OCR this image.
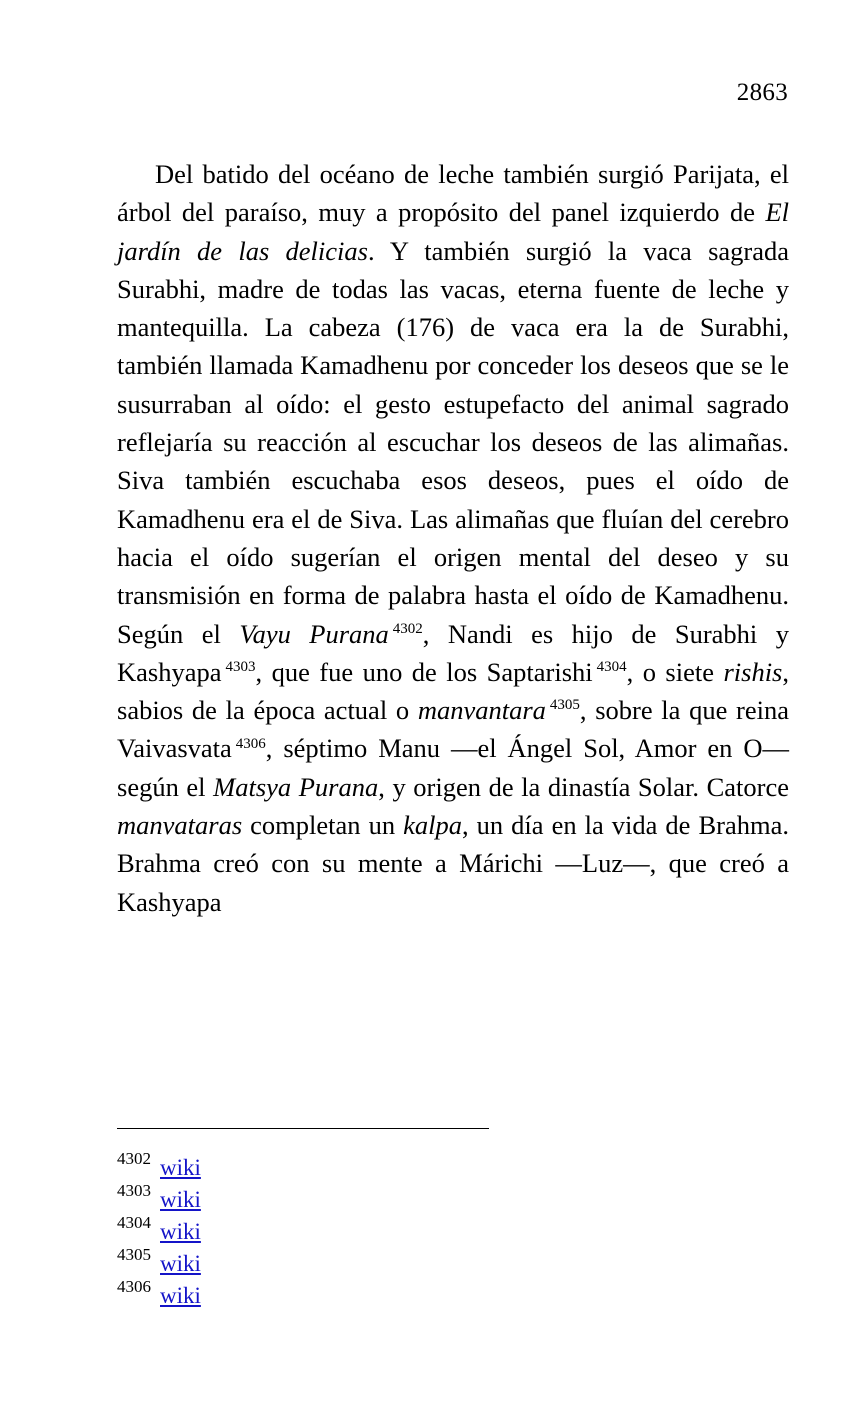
2863

Del batido del océano de leche también surgió Parijata, el árbol del paraíso, muy a propósito del panel izquierdo de El jardín de las delicias. Y también surgió la vaca sagrada Surabhi, madre de todas las vacas, eterna fuente de leche y mantequilla. La cabeza (176) de vaca era la de Surabhi, también llamada Kamadhenu por conceder los deseos que se le susurraban al oído: el gesto estupefacto del animal sagrado reflejaría su reacción al escuchar los deseos de las alimañas. Siva también escuchaba esos deseos, pues el oído de Kamadhenu era el de Siva. Las alimañas que fluían del cerebro hacia el oído sugerían el origen mental del deseo y su transmisión en forma de palabra hasta el oído de Kamadhenu. Según el Vayu Purana $^{4302}$, Nandi es hijo de Surabhi y Kashyapa $^{4303}$, que fue uno de los Saptarishi $^{4304}$, o siete rishis, sabios de la época actual o manvantara $^{4305}$, sobre la que reina Vaivasvata $^{4306}$, séptimo Manu ―el Ángel Sol, Amor en O― según el Matsya Purana, y origen de la dinastía Solar. Catorce manvataras completan un kalpa, un día en la vida de Brahma. Brahma creó con su mente a Márichi ―Luz―, que creó a Kashyapa

4302 wiki
4303 wiki
4304 wiki
4305 wiki
4306 wiki
